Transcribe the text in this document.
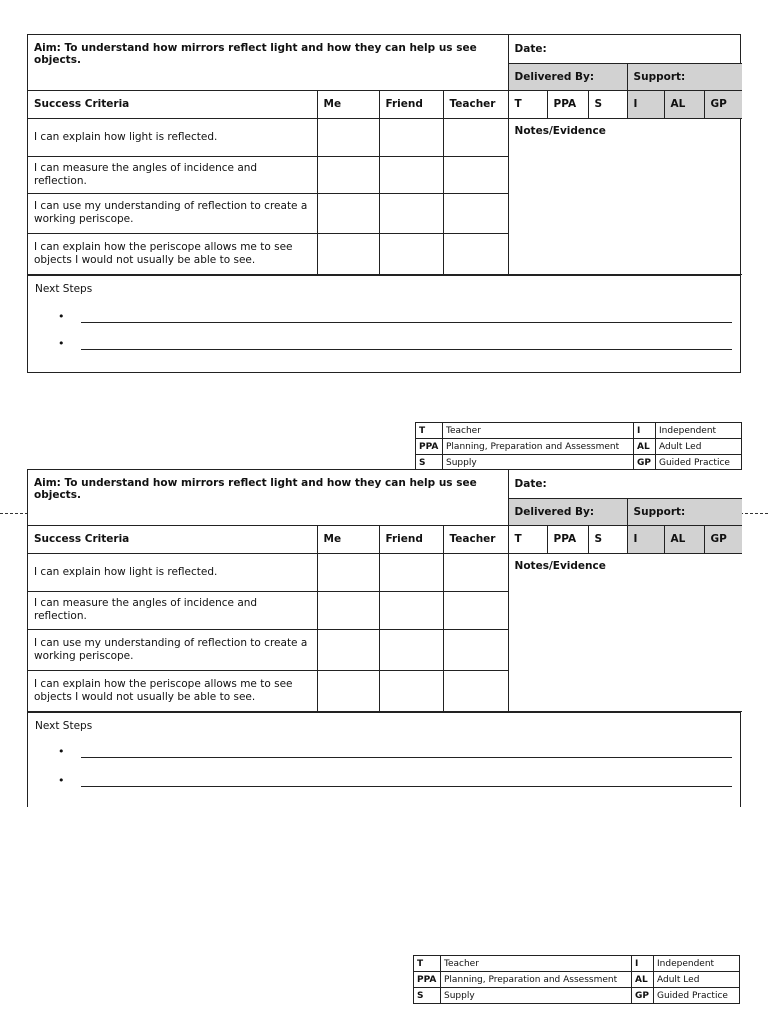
Aim: To understand how mirrors reflect light and how they can help us see objects.				Date:					
				Delivered By:			Support:		
Success Criteria	Me	Friend	Teacher	T	PPA	S	I	AL	GP
I can explain how light is reflected.				Notes/Evidence					
I can measure the angles of incidence and reflection.									
I can use my understanding of reflection to create a working periscope.									
I can explain how the periscope allows me to see objects I would not usually be able to see.									
Next Steps
•
•
T	Teacher	I	Independent
PPA	Planning, Preparation and Assessment	AL	Adult Led
S	Supply	GP	Guided Practice
Aim: To understand how mirrors reflect light and how they can help us see objects.				Date:					
				Delivered By:			Support:		
Success Criteria	Me	Friend	Teacher	T	PPA	S	I	AL	GP
I can explain how light is reflected.				Notes/Evidence					
I can measure the angles of incidence and reflection.									
I can use my understanding of reflection to create a working periscope.									
I can explain how the periscope allows me to see objects I would not usually be able to see.									
Next Steps
•
•
T	Teacher	I	Independent
PPA	Planning, Preparation and Assessment	AL	Adult Led
S	Supply	GP	Guided Practice
